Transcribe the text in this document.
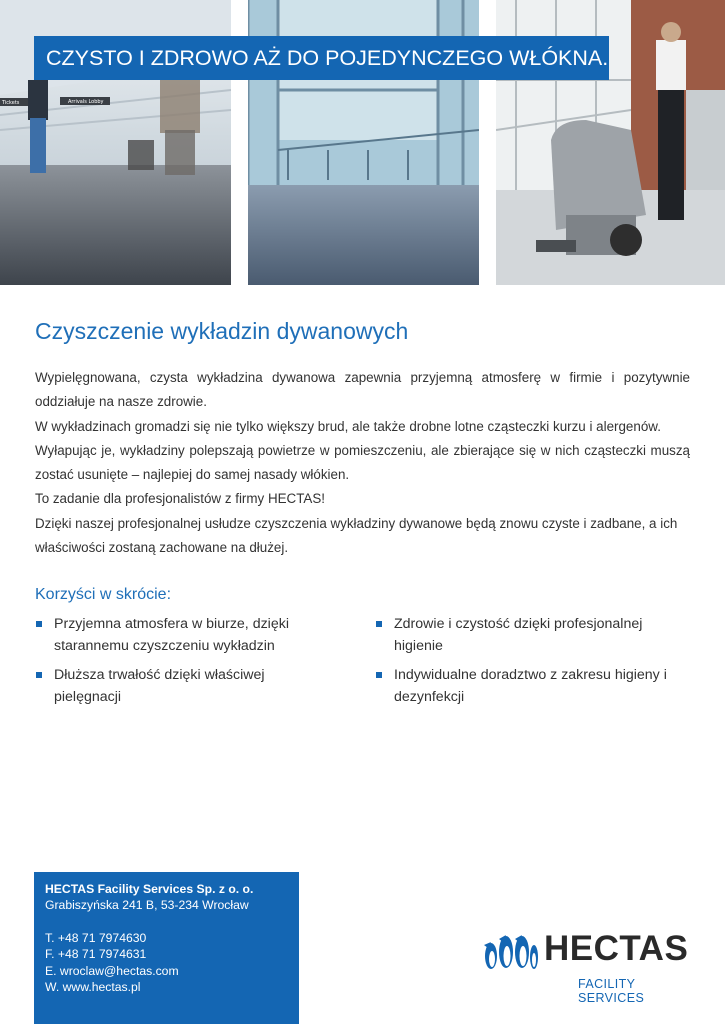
Tickets	Arrivals Lobby
CZYSTO I ZDROWO AŻ DO POJEDYNCZEGO WŁÓKNA.
Czyszczenie wykładzin dywanowych

Wypielęgnowana, czysta wykładzina dywanowa zapewnia przyjemną atmosferę w firmie i pozytywnie oddziałuje na nasze zdrowie.

W wykładzinach gromadzi się nie tylko większy brud, ale także drobne lotne cząsteczki kurzu i alergenów.

Wyłapując je, wykładziny polepszają powietrze w pomieszczeniu, ale zbierające się w nich cząsteczki muszą zostać usunięte – najlepiej do samej nasady włókien.

To zadanie dla profesjonalistów z firmy HECTAS!

Dzięki naszej profesjonalnej usłudze czyszczenia wykładziny dywanowe będą znowu czyste i zadbane, a ich właściwości zostaną zachowane na dłużej.

Korzyści w skrócie:
Przyjemna atmosfera w biurze, dzięki starannemu czyszczeniu wykładzin
Dłuższa trwałość dzięki właściwej pielęgnacji
Zdrowie i czystość dzięki profesjonalnej higienie
Indywidualne doradztwo z zakresu higieny i dezynfekcji
HECTAS Facility Services Sp. z o. o.
Grabiszyńska 241 B, 53-234 Wrocław
T. +48 71 7974630
F. +48 71 7974631
E. wroclaw@hectas.com
W. www.hectas.pl
HECTAS
FACILITY SERVICES
